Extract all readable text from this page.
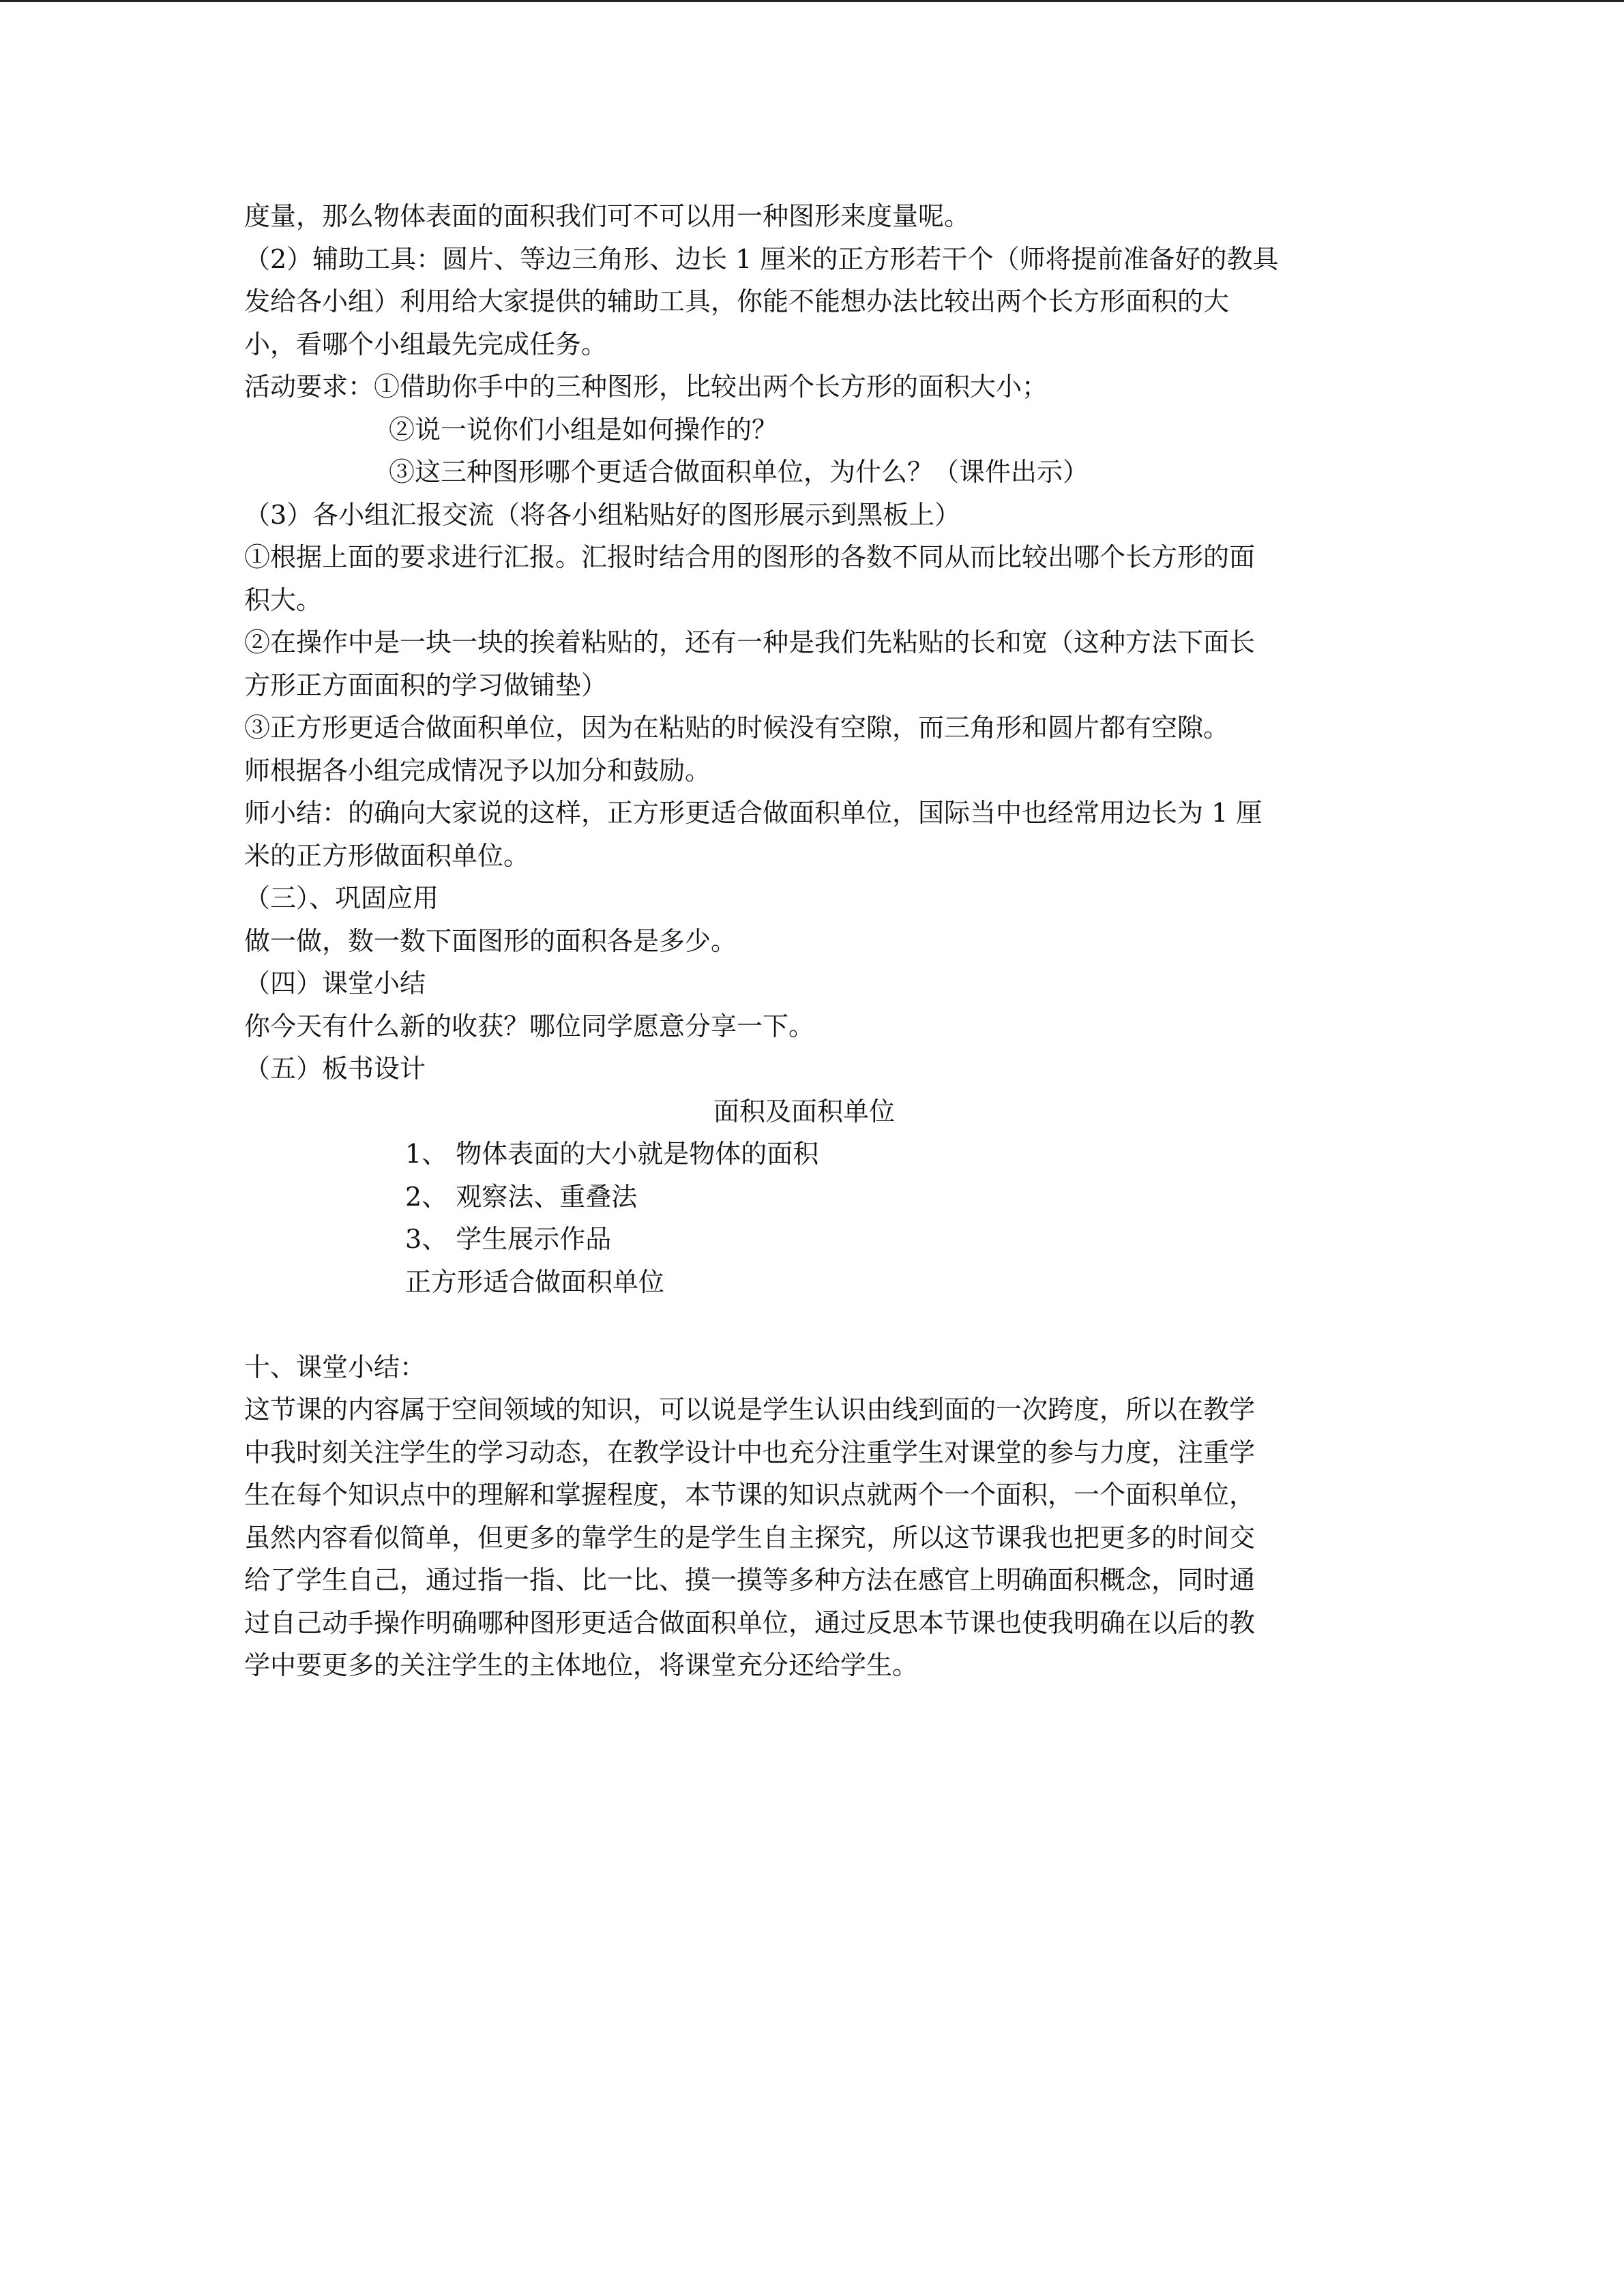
度量，那么物体表面的面积我们可不可以用一种图形来度量呢。
（2）辅助工具：圆片、等边三角形、边长 1 厘米的正方形若干个（师将提前准备好的教具
发给各小组）利用给大家提供的辅助工具，你能不能想办法比较出两个长方形面积的大
小，看哪个小组最先完成任务。
活动要求：①借助你手中的三种图形，比较出两个长方形的面积大小；
②说一说你们小组是如何操作的？
③这三种图形哪个更适合做面积单位，为什么？（课件出示）
（3）各小组汇报交流（将各小组粘贴好的图形展示到黑板上）
①根据上面的要求进行汇报。汇报时结合用的图形的各数不同从而比较出哪个长方形的面
积大。
②在操作中是一块一块的挨着粘贴的，还有一种是我们先粘贴的长和宽（这种方法下面长
方形正方面面积的学习做铺垫）
③正方形更适合做面积单位，因为在粘贴的时候没有空隙，而三角形和圆片都有空隙。
师根据各小组完成情况予以加分和鼓励。
师小结：的确向大家说的这样，正方形更适合做面积单位，国际当中也经常用边长为 1 厘
米的正方形做面积单位。
（三）、巩固应用
做一做，数一数下面图形的面积各是多少。
（四）课堂小结
你今天有什么新的收获？哪位同学愿意分享一下。
（五）板书设计
面积及面积单位
1、 物体表面的大小就是物体的面积
2、 观察法、重叠法
3、 学生展示作品
正方形适合做面积单位
十、课堂小结：
这节课的内容属于空间领域的知识，可以说是学生认识由线到面的一次跨度，所以在教学
中我时刻关注学生的学习动态，在教学设计中也充分注重学生对课堂的参与力度，注重学
生在每个知识点中的理解和掌握程度，本节课的知识点就两个一个面积，一个面积单位，
虽然内容看似简单，但更多的靠学生的是学生自主探究，所以这节课我也把更多的时间交
给了学生自己，通过指一指、比一比、摸一摸等多种方法在感官上明确面积概念，同时通
过自己动手操作明确哪种图形更适合做面积单位，通过反思本节课也使我明确在以后的教
学中要更多的关注学生的主体地位，将课堂充分还给学生。
